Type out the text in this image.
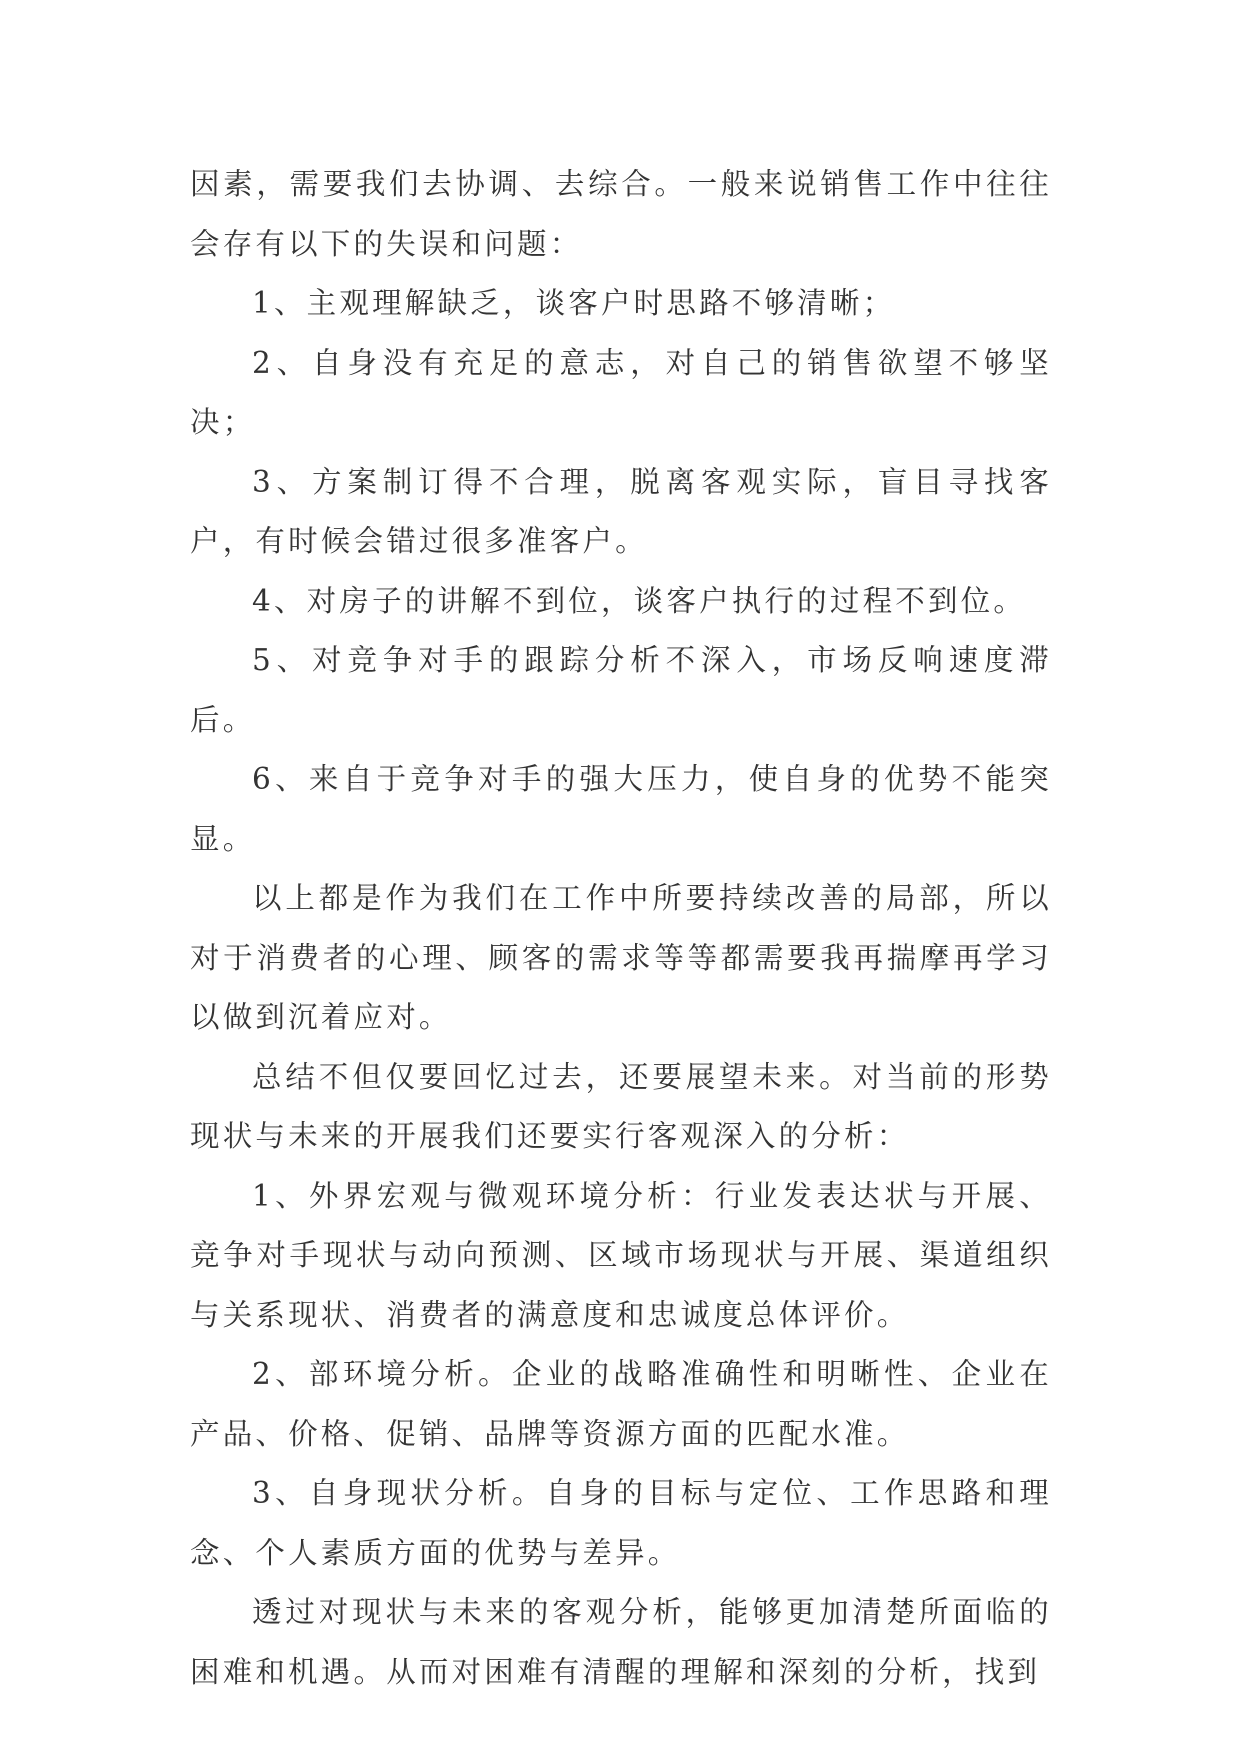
因素，需要我们去协调、去综合。一般来说销售工作中往往会存有以下的失误和问题：

1、主观理解缺乏，谈客户时思路不够清晰；

2、自身没有充足的意志，对自己的销售欲望不够坚决；

3、方案制订得不合理，脱离客观实际，盲目寻找客户，有时候会错过很多准客户。

4、对房子的讲解不到位，谈客户执行的过程不到位。

5、对竞争对手的跟踪分析不深入，市场反响速度滞后。

6、来自于竞争对手的强大压力，使自身的优势不能突显。

以上都是作为我们在工作中所要持续改善的局部，所以对于消费者的心理、顾客的需求等等都需要我再揣摩再学习以做到沉着应对。

总结不但仅要回忆过去，还要展望未来。对当前的形势现状与未来的开展我们还要实行客观深入的分析：

1、外界宏观与微观环境分析：行业发表达状与开展、竞争对手现状与动向预测、区域市场现状与开展、渠道组织与关系现状、消费者的满意度和忠诚度总体评价。

2、部环境分析。企业的战略准确性和明晰性、企业在产品、价格、促销、品牌等资源方面的匹配水准。

3、自身现状分析。自身的目标与定位、工作思路和理念、个人素质方面的优势与差异。

透过对现状与未来的客观分析，能够更加清楚所面临的困难和机遇。从而对困难有清醒的理解和深刻的分析，找到
